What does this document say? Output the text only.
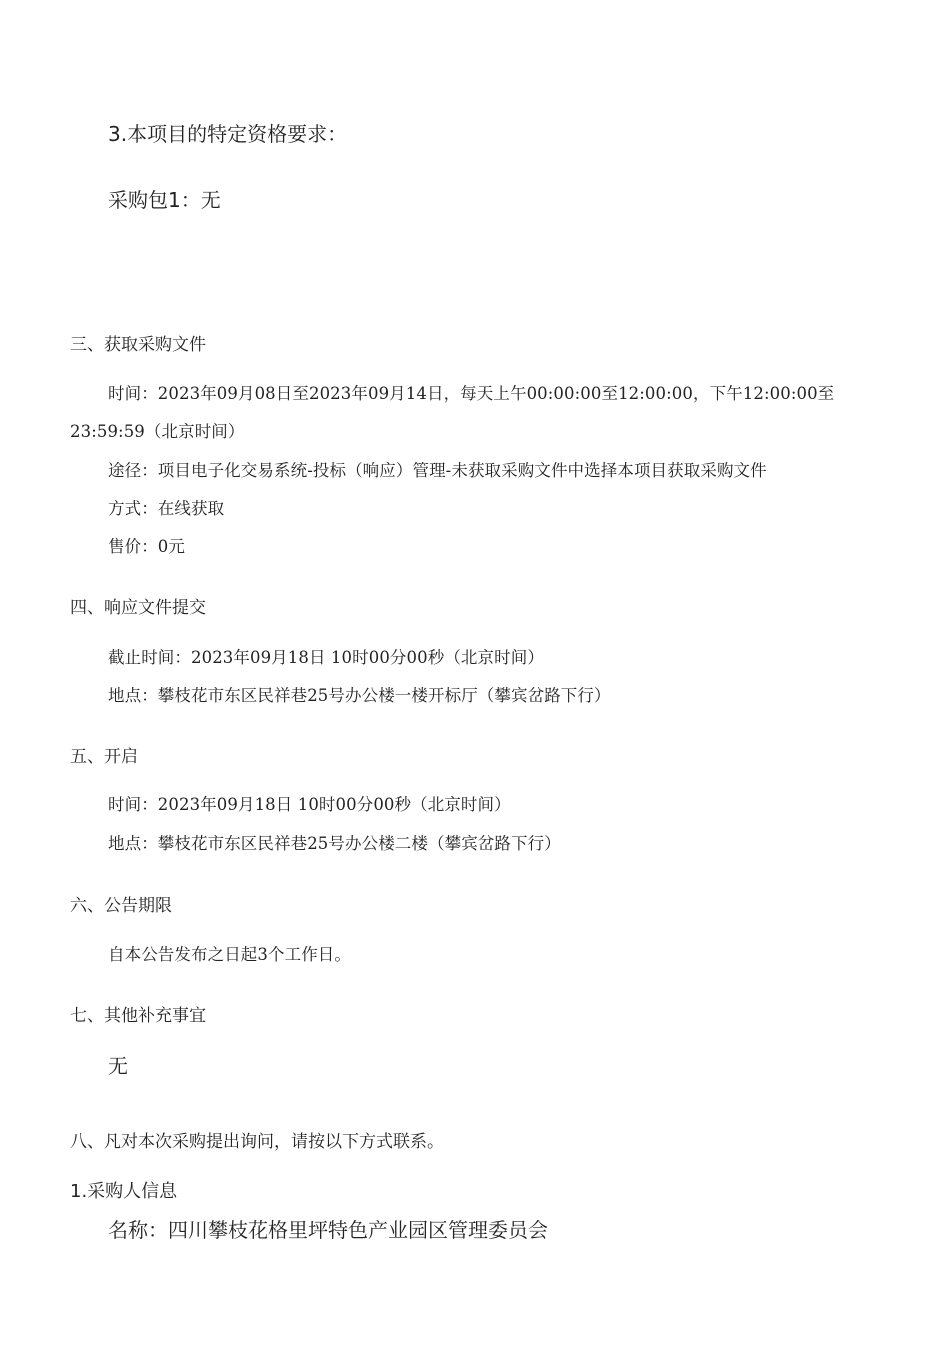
3.本项目的特定资格要求：
采购包1：无
三、获取采购文件
时间：2023年09月08日至2023年09月14日，每天上午00:00:00至12:00:00，下午12:00:00至
23:59:59（北京时间）
途径：项目电子化交易系统-投标（响应）管理-未获取采购文件中选择本项目获取采购文件
方式：在线获取
售价：0元
四、响应文件提交
截止时间：2023年09月18日 10时00分00秒（北京时间）
地点：攀枝花市东区民祥巷25号办公楼一楼开标厅（攀宾岔路下行）
五、开启
时间：2023年09月18日 10时00分00秒（北京时间）
地点：攀枝花市东区民祥巷25号办公楼二楼（攀宾岔路下行）
六、公告期限
自本公告发布之日起3个工作日。
七、其他补充事宜
无
八、凡对本次采购提出询问，请按以下方式联系。
1.采购人信息
名称：四川攀枝花格里坪特色产业园区管理委员会
